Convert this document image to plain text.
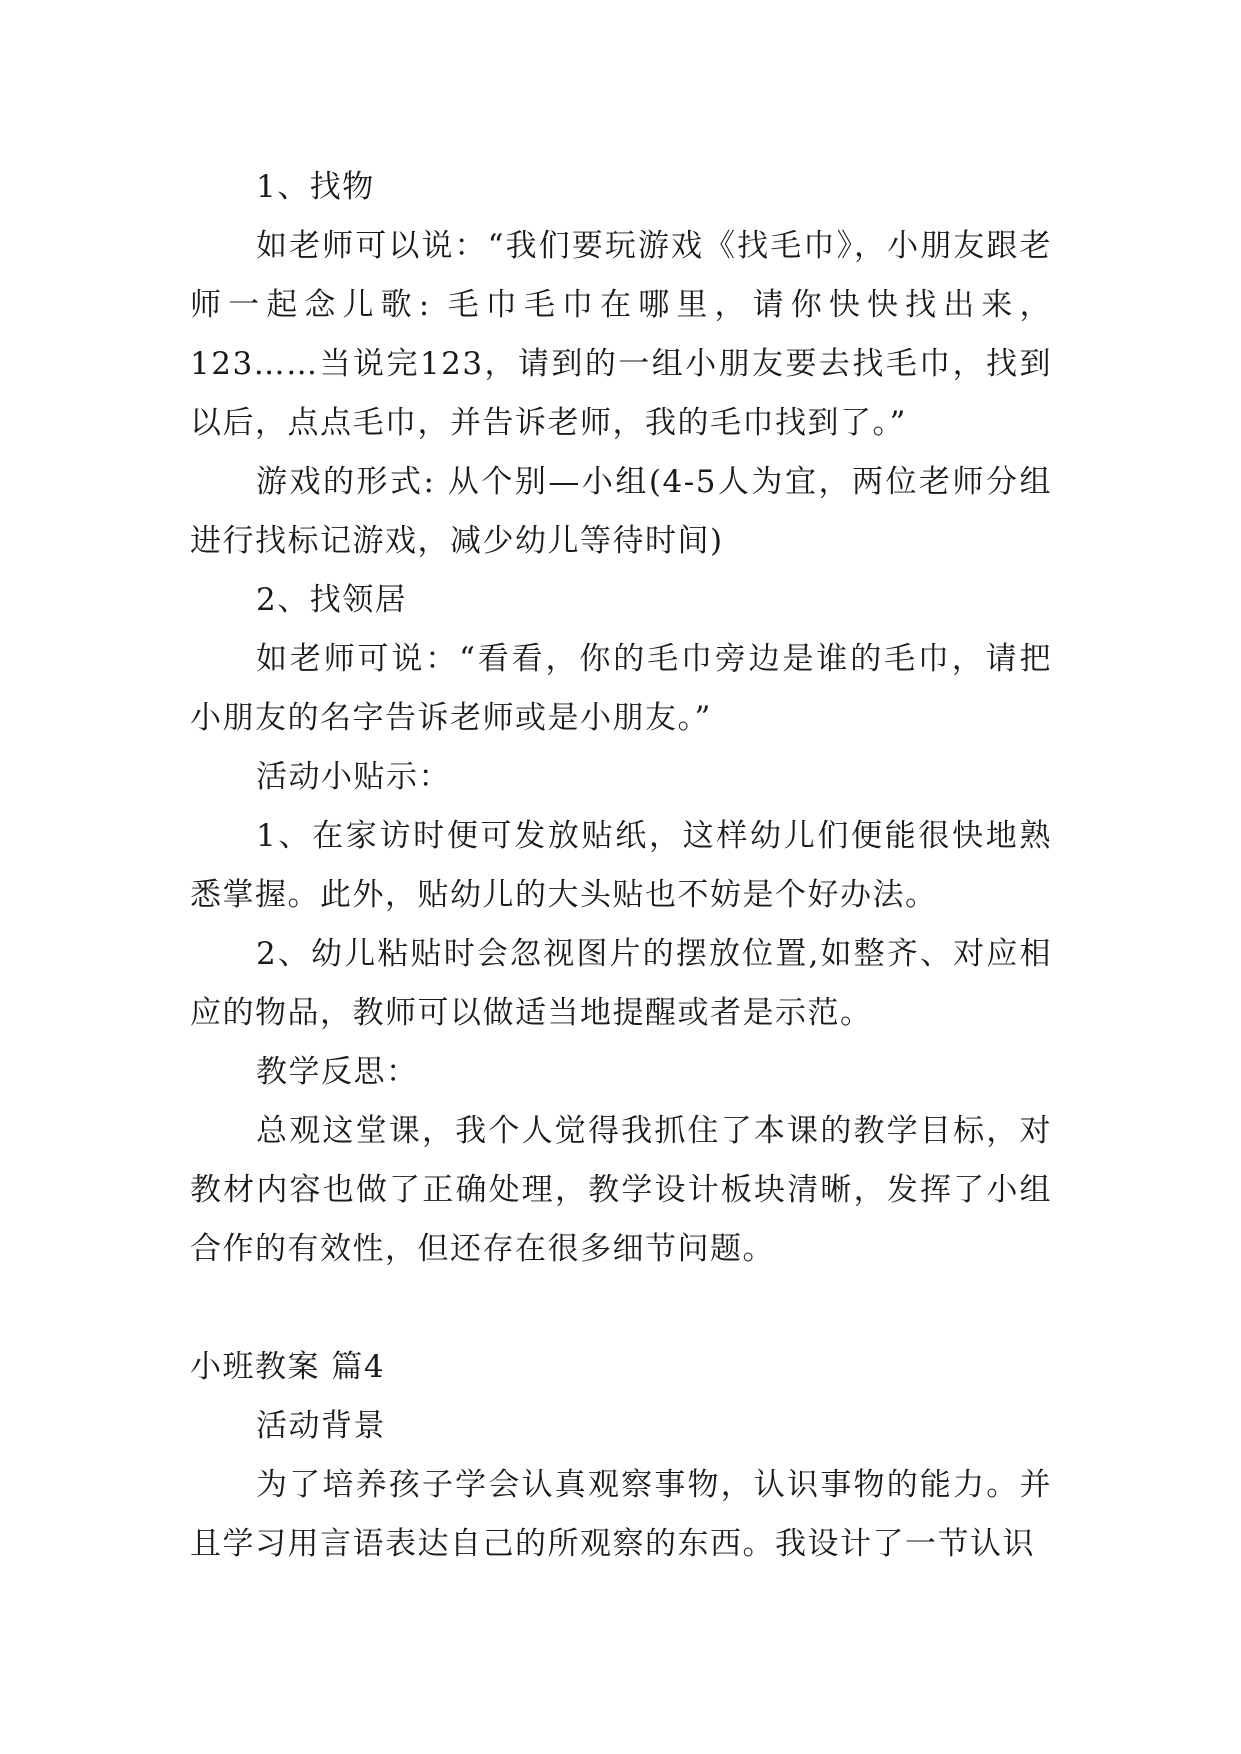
1、找物

如老师可以说：“我们要玩游戏《找毛巾》，小朋友跟老师一起念儿歌: 毛巾毛巾在哪里，请你快快找出来，123……当说完123，请到的一组小朋友要去找毛巾，找到以后，点点毛巾，并告诉老师，我的毛巾找到了。”

游戏的形式: 从个别—小组(4-5人为宜，两位老师分组进行找标记游戏，减少幼儿等待时间)

2、找领居

如老师可说：“看看，你的毛巾旁边是谁的毛巾，请把小朋友的名字告诉老师或是小朋友。”

活动小贴示：

1、在家访时便可发放贴纸，这样幼儿们便能很快地熟悉掌握。此外，贴幼儿的大头贴也不妨是个好办法。

2、幼儿粘贴时会忽视图片的摆放位置,如整齐、对应相应的物品，教师可以做适当地提醒或者是示范。

教学反思：

总观这堂课，我个人觉得我抓住了本课的教学目标，对教材内容也做了正确处理，教学设计板块清晰，发挥了小组合作的有效性，但还存在很多细节问题。

小班教案 篇4

活动背景

为了培养孩子学会认真观察事物，认识事物的能力。并且学习用言语表达自己的所观察的东西。我设计了一节认识
